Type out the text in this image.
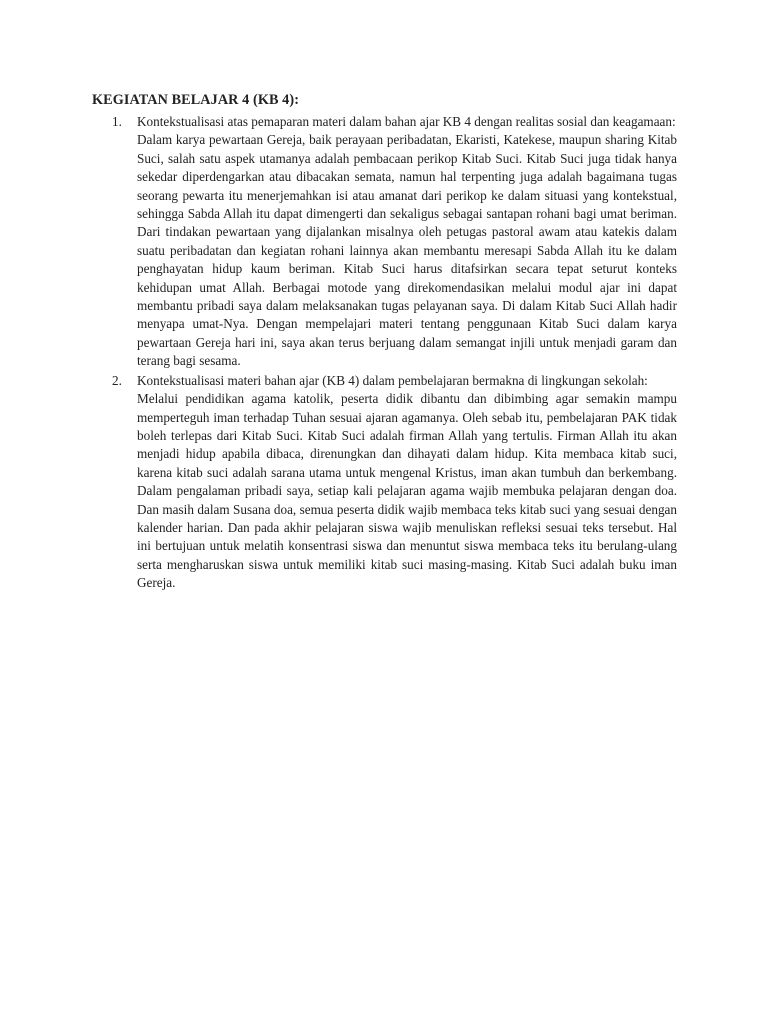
KEGIATAN BELAJAR 4 (KB 4):
1. Kontekstualisasi atas pemaparan materi dalam bahan ajar KB 4 dengan realitas sosial dan keagamaan:

Dalam karya pewartaan Gereja, baik perayaan peribadatan, Ekaristi, Katekese, maupun sharing Kitab Suci, salah satu aspek utamanya adalah pembacaan perikop Kitab Suci. Kitab Suci juga tidak hanya sekedar diperdengarkan atau dibacakan semata, namun hal terpenting juga adalah bagaimana tugas seorang pewarta itu menerjemahkan isi atau amanat dari perikop ke dalam situasi yang kontekstual, sehingga Sabda Allah itu dapat dimengerti dan sekaligus sebagai santapan rohani bagi umat beriman. Dari tindakan pewartaan yang dijalankan misalnya oleh petugas pastoral awam atau katekis dalam suatu peribadatan dan kegiatan rohani lainnya akan membantu meresapi Sabda Allah itu ke dalam penghayatan hidup kaum beriman. Kitab Suci harus ditafsirkan secara tepat seturut konteks kehidupan umat Allah. Berbagai motode yang direkomendasikan melalui modul ajar ini dapat membantu pribadi saya dalam melaksanakan tugas pelayanan saya. Di dalam Kitab Suci Allah hadir menyapa umat-Nya. Dengan mempelajari materi tentang penggunaan Kitab Suci dalam karya pewartaan Gereja hari ini, saya akan terus berjuang dalam semangat injili untuk menjadi garam dan terang bagi sesama.

2. Kontekstualisasi materi bahan ajar (KB 4) dalam pembelajaran bermakna di lingkungan sekolah:

Melalui pendidikan agama katolik, peserta didik dibantu dan dibimbing agar semakin mampu memperteguh iman terhadap Tuhan sesuai ajaran agamanya. Oleh sebab itu, pembelajaran PAK tidak boleh terlepas dari Kitab Suci. Kitab Suci adalah firman Allah yang tertulis. Firman Allah itu akan menjadi hidup apabila dibaca, direnungkan dan dihayati dalam hidup. Kita membaca kitab suci, karena kitab suci adalah sarana utama untuk mengenal Kristus, iman akan tumbuh dan berkembang. Dalam pengalaman pribadi saya, setiap kali pelajaran agama wajib membuka pelajaran dengan doa. Dan masih dalam Susana doa, semua peserta didik wajib membaca teks kitab suci yang sesuai dengan kalender harian. Dan pada akhir pelajaran siswa wajib menuliskan refleksi sesuai teks tersebut. Hal ini bertujuan untuk melatih konsentrasi siswa dan menuntut siswa membaca teks itu berulang-ulang serta mengharuskan siswa untuk memiliki kitab suci masing-masing. Kitab Suci adalah buku iman Gereja.
